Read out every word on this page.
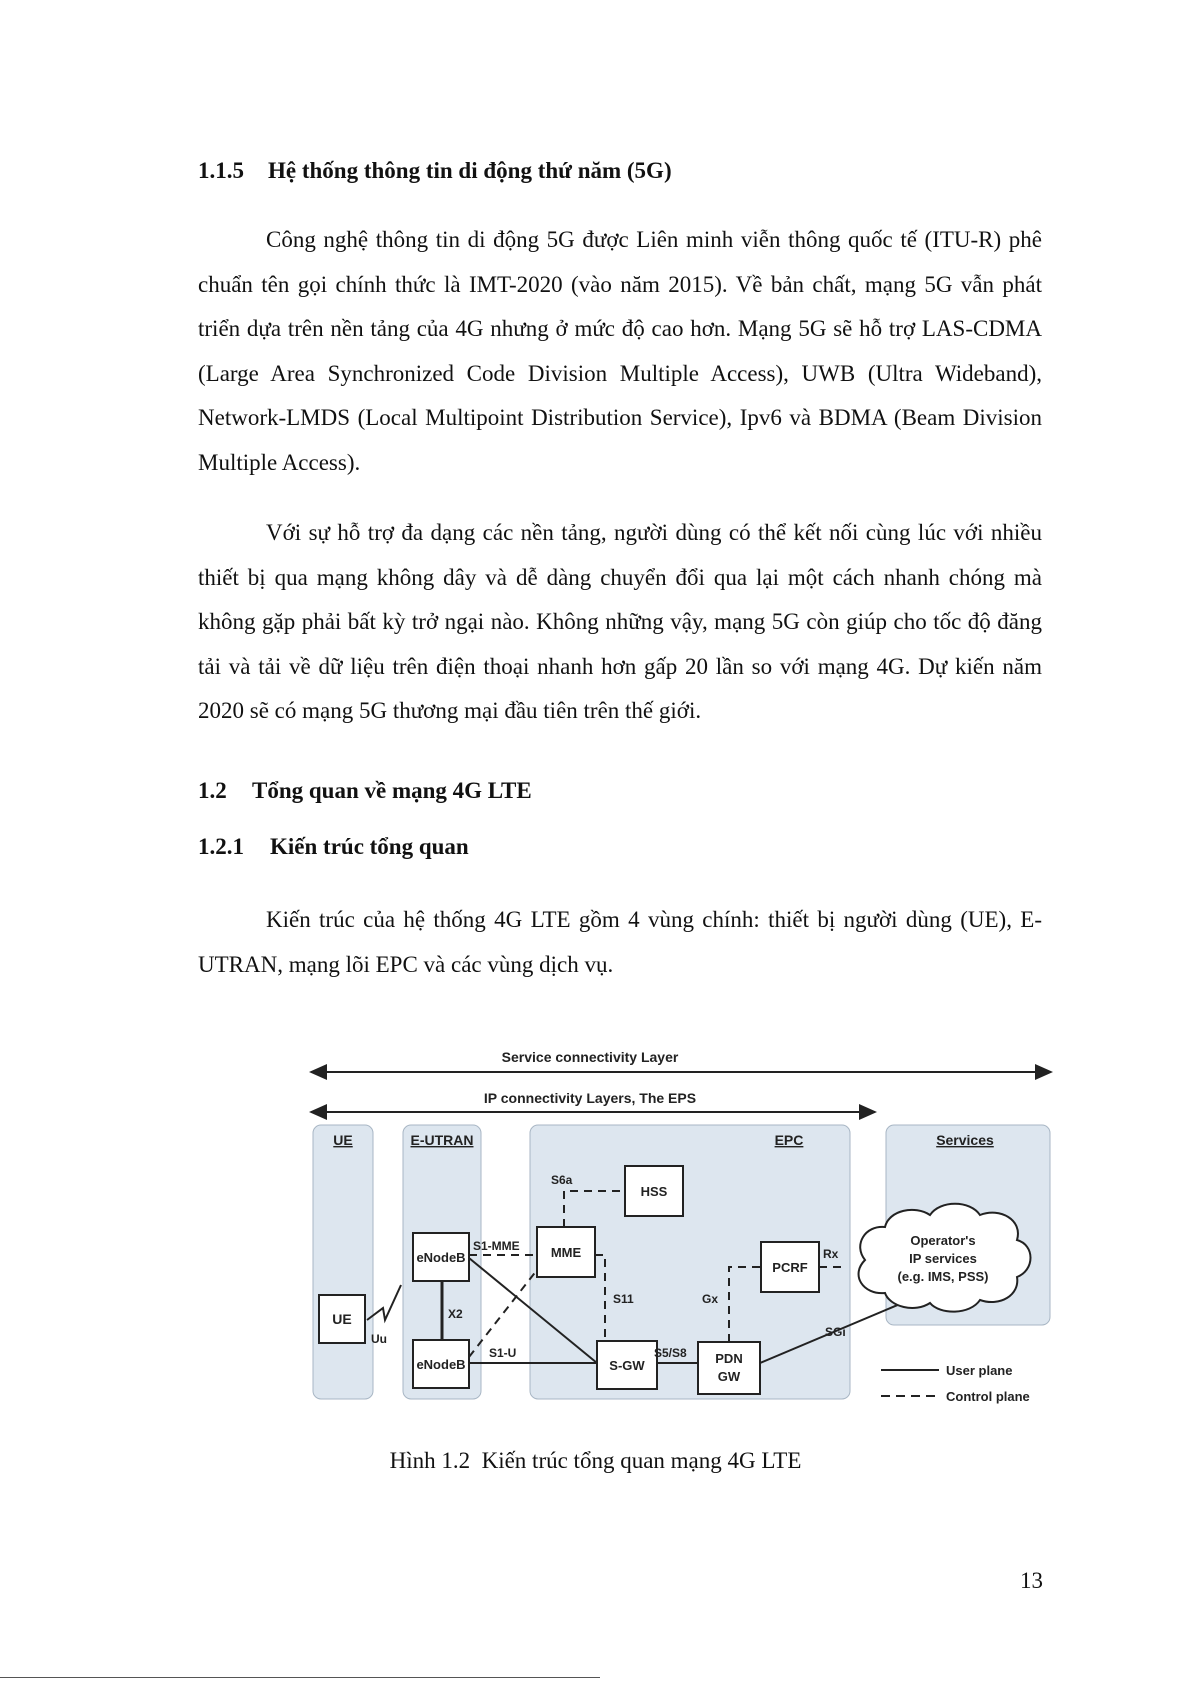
1.1.5 Hệ thống thông tin di động thứ năm (5G)

Công nghệ thông tin di động 5G được Liên minh viễn thông quốc tế (ITU-R) phê chuẩn tên gọi chính thức là IMT-2020 (vào năm 2015). Về bản chất, mạng 5G vẫn phát triển dựa trên nền tảng của 4G nhưng ở mức độ cao hơn. Mạng 5G sẽ hỗ trợ LAS-CDMA (Large Area Synchronized Code Division Multiple Access), UWB (Ultra Wideband), Network-LMDS (Local Multipoint Distribution Service), Ipv6 và BDMA (Beam Division Multiple Access).

Với sự hỗ trợ đa dạng các nền tảng, người dùng có thể kết nối cùng lúc với nhiều thiết bị qua mạng không dây và dễ dàng chuyển đổi qua lại một cách nhanh chóng mà không gặp phải bất kỳ trở ngại nào. Không những vậy, mạng 5G còn giúp cho tốc độ đăng tải và tải về dữ liệu trên điện thoại nhanh hơn gấp 20 lần so với mạng 4G. Dự kiến năm 2020 sẽ có mạng 5G thương mại đầu tiên trên thế giới.

1.2 Tổng quan về mạng 4G LTE
1.2.1 Kiến trúc tổng quan

Kiến trúc của hệ thống 4G LTE gồm 4 vùng chính: thiết bị người dùng (UE), E-UTRAN, mạng lõi EPC và các vùng dịch vụ.

Service connectivity Layer
IP connectivity Layers, The EPS
UE	E-UTRAN	EPC	Services
UE
eNodeB
eNodeB
MME
HSS
PCRF
S-GW	PDN
GW
Operator's
IP services
(e.g. IMS, PSS)
Uu
X2
S1-MME
S1-U
S6a
S11	Gx
Rx
SGi
S5/S8
User plane
Control plane
Hình 1.2  Kiến trúc tổng quan mạng 4G LTE
13
